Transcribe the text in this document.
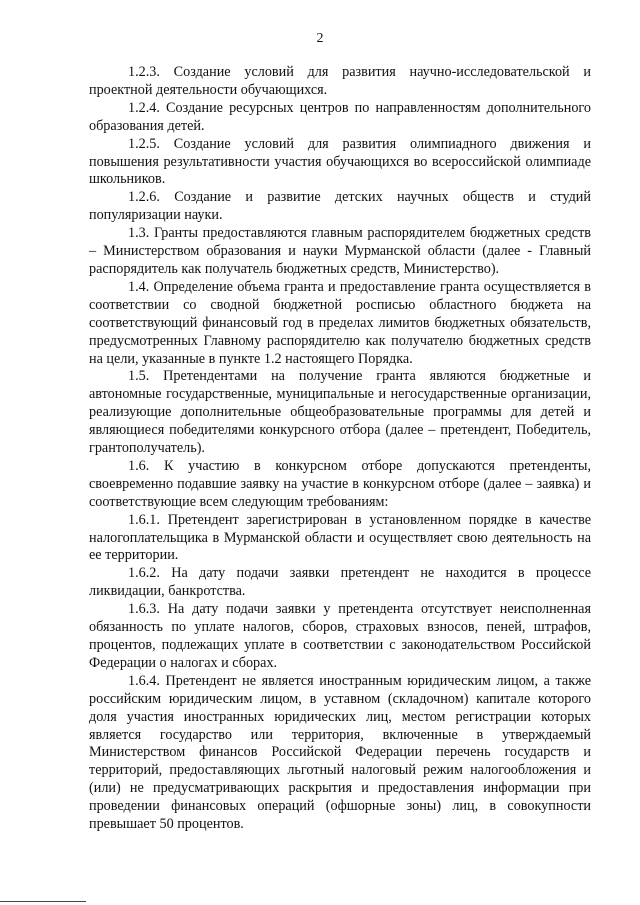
2

1.2.3. Создание условий для развития научно-исследовательской и проектной деятельности обучающихся.

1.2.4. Создание ресурсных центров по направленностям дополнительного образования детей.

1.2.5. Создание условий для развития олимпиадного движения и повышения результативности участия обучающихся во всероссийской олимпиаде школьников.

1.2.6. Создание и развитие детских научных обществ и студий популяризации науки.

1.3. Гранты предоставляются главным распорядителем бюджетных средств – Министерством образования и науки Мурманской области (далее - Главный распорядитель как получатель бюджетных средств, Министерство).

1.4. Определение объема гранта и предоставление гранта осуществляется в соответствии со сводной бюджетной росписью областного бюджета на соответствующий финансовый год в пределах лимитов бюджетных обязательств, предусмотренных Главному распорядителю как получателю бюджетных средств на цели, указанные в пункте 1.2 настоящего Порядка.

1.5. Претендентами на получение гранта являются бюджетные и автономные государственные, муниципальные и негосударственные организации, реализующие дополнительные общеобразовательные программы для детей и являющиеся победителями конкурсного отбора (далее – претендент, Победитель, грантополучатель).

1.6. К участию в конкурсном отборе допускаются претенденты, своевременно подавшие заявку на участие в конкурсном отборе (далее – заявка) и соответствующие всем следующим требованиям:

1.6.1. Претендент зарегистрирован в установленном порядке в качестве налогоплательщика в Мурманской области и осуществляет свою деятельность на ее территории.

1.6.2. На дату подачи заявки претендент не находится в процессе ликвидации, банкротства.

1.6.3. На дату подачи заявки у претендента отсутствует неисполненная обязанность по уплате налогов, сборов, страховых взносов, пеней, штрафов, процентов, подлежащих уплате в соответствии с законодательством Российской Федерации о налогах и сборах.

1.6.4. Претендент не является иностранным юридическим лицом, а также российским юридическим лицом, в уставном (складочном) капитале которого доля участия иностранных юридических лиц, местом регистрации которых является государство или территория, включенные в утверждаемый Министерством финансов Российской Федерации перечень государств и территорий, предоставляющих льготный налоговый режим налогообложения и (или) не предусматривающих раскрытия и предоставления информации при проведении финансовых операций (офшорные зоны) лиц, в совокупности превышает 50 процентов.
